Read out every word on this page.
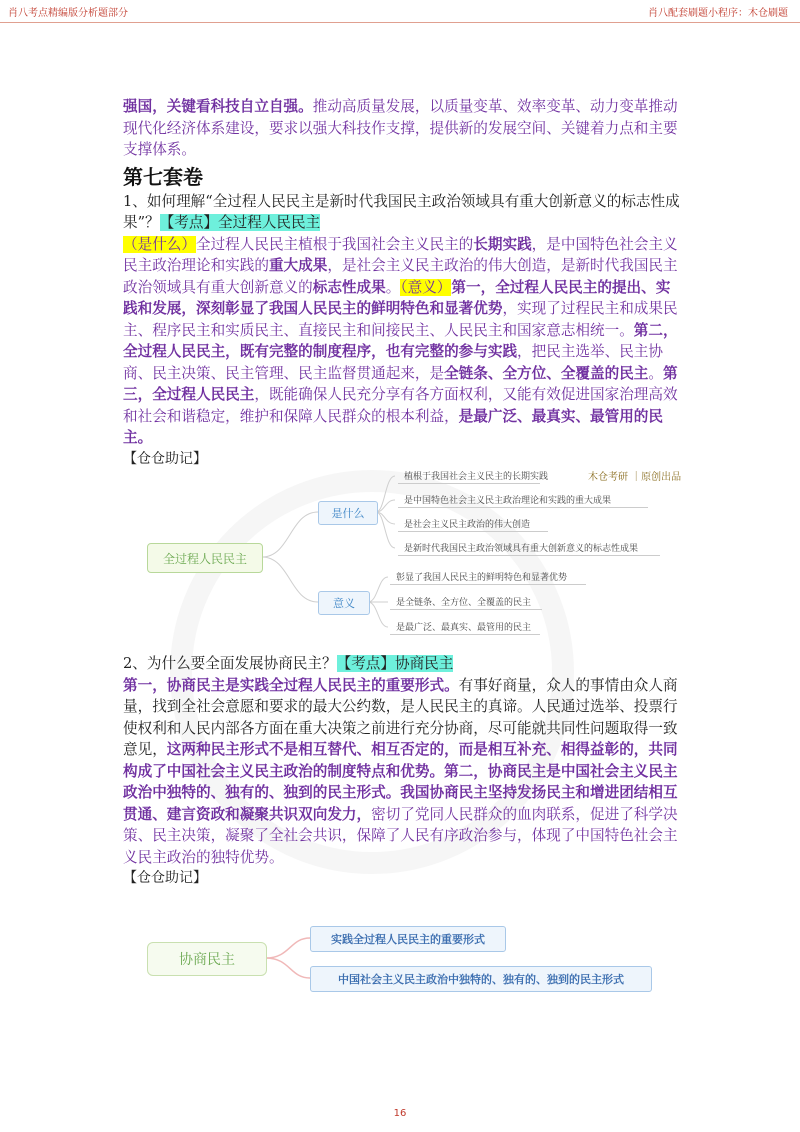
肖八考点精编版分析题部分	肖八配套刷题小程序：木仓刷题

强国，关键看科技自立自强。推动高质量发展，以质量变革、效率变革、动力变革推动现代化经济体系建设，要求以强大科技作支撑，提供新的发展空间、关键着力点和主要支撑体系。

第七套卷

1、如何理解“全过程人民民主是新时代我国民主政治领域具有重大创新意义的标志性成果”？【考点】全过程人民民主

（是什么）全过程人民民主植根于我国社会主义民主的长期实践，是中国特色社会主义民主政治理论和实践的重大成果，是社会主义民主政治的伟大创造，是新时代我国民主政治领域具有重大创新意义的标志性成果。（意义）第一，全过程人民民主的提出、实践和发展，深刻彰显了我国人民民主的鲜明特色和显著优势，实现了过程民主和成果民主、程序民主和实质民主、直接民主和间接民主、人民民主和国家意志相统一。第二，全过程人民民主，既有完整的制度程序，也有完整的参与实践，把民主选举、民主协商、民主决策、民主管理、民主监督贯通起来，是全链条、全方位、全覆盖的民主。第三，全过程人民民主，既能确保人民充分享有各方面权利，又能有效促进国家治理高效和社会和谐稳定，维护和保障人民群众的根本利益，是最广泛、最真实、最管用的民主。

【仓仓助记】

全过程人民民主
是什么
意义
植根于我国社会主义民主的长期实践
是中国特色社会主义民主政治理论和实践的重大成果
是社会主义民主政治的伟大创造
是新时代我国民主政治领域具有重大创新意义的标志性成果
彰显了我国人民民主的鲜明特色和显著优势
是全链条、全方位、全覆盖的民主
是最广泛、最真实、最管用的民主
木仓考研 ｜原创出品

2、为什么要全面发展协商民主？【考点】协商民主

第一，协商民主是实践全过程人民民主的重要形式。有事好商量，众人的事情由众人商量，找到全社会意愿和要求的最大公约数，是人民民主的真谛。人民通过选举、投票行使权利和人民内部各方面在重大决策之前进行充分协商，尽可能就共同性问题取得一致意见，这两种民主形式不是相互替代、相互否定的，而是相互补充、相得益彰的，共同构成了中国社会主义民主政治的制度特点和优势。第二，协商民主是中国社会主义民主政治中独特的、独有的、独到的民主形式。我国协商民主坚持发扬民主和增进团结相互贯通、建言资政和凝聚共识双向发力，密切了党同人民群众的血肉联系，促进了科学决策、民主决策，凝聚了全社会共识，保障了人民有序政治参与，体现了中国特色社会主义民主政治的独特优势。

【仓仓助记】

协商民主
实践全过程人民民主的重要形式
中国社会主义民主政治中独特的、独有的、独到的民主形式
16
